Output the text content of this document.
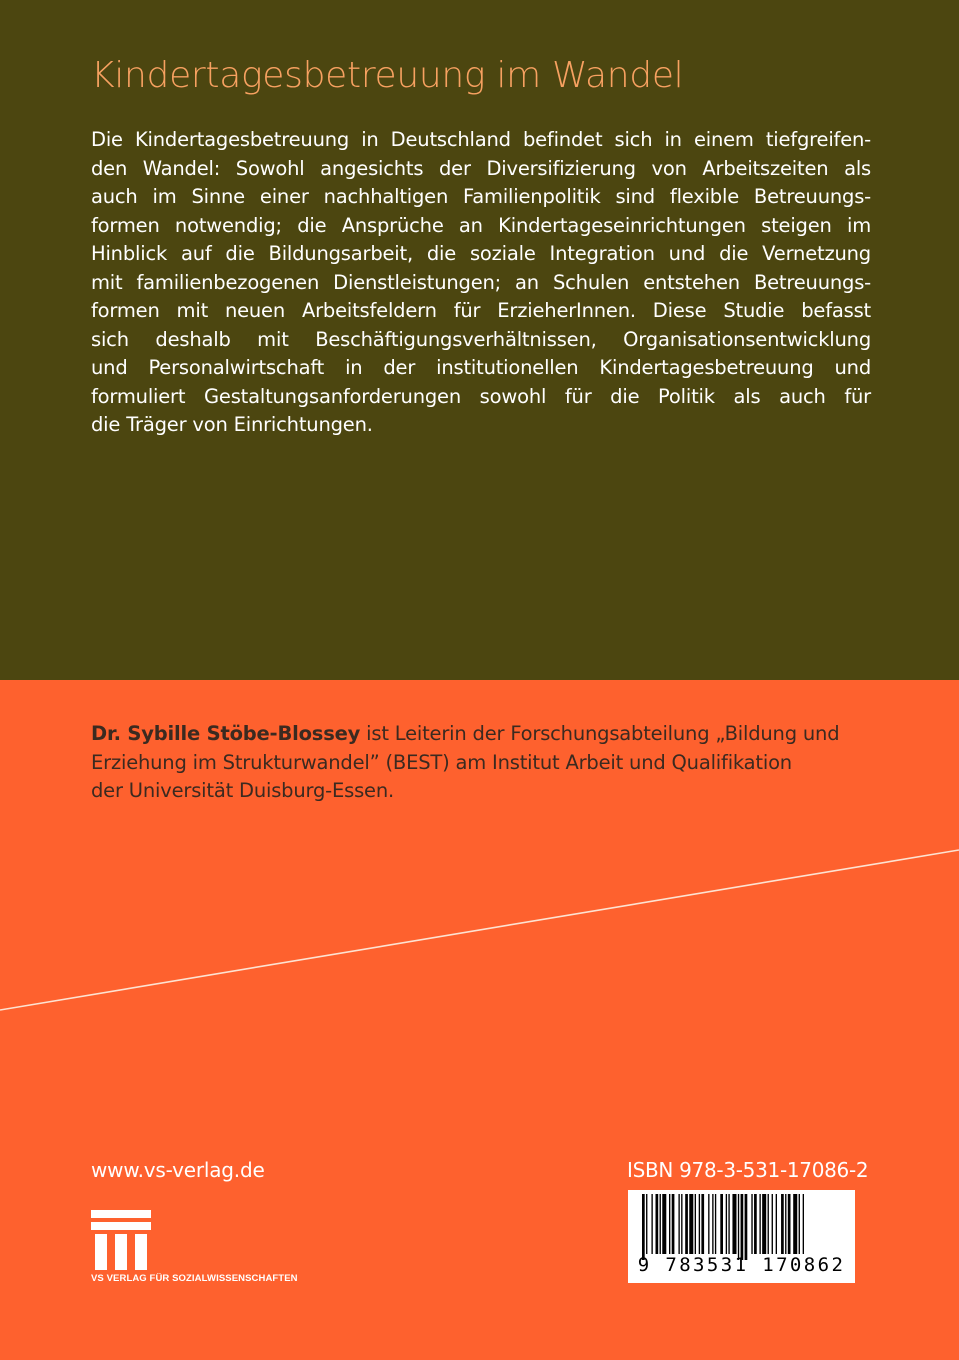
Kindertagesbetreuung im Wandel

Die Kindertagesbetreuung in Deutschland befindet sich in einem tiefgreifen-
den Wandel: Sowohl angesichts der Diversifizierung von Arbeitszeiten als
auch im Sinne einer nachhaltigen Familienpolitik sind flexible Betreuungs-
formen notwendig; die Ansprüche an Kindertageseinrichtungen steigen im
Hinblick auf die Bildungsarbeit, die soziale Integration und die Vernetzung
mit familienbezogenen Dienstleistungen; an Schulen entstehen Betreuungs-
formen mit neuen Arbeitsfeldern für ErzieherInnen. Diese Studie befasst
sich deshalb mit Beschäftigungsverhältnissen, Organisationsentwicklung
und Personalwirtschaft in der institutionellen Kindertagesbetreuung und
formuliert Gestaltungsanforderungen sowohl für die Politik als auch für
die Träger von Einrichtungen.

Dr. Sybille Stöbe-Blossey ist Leiterin der Forschungsabteilung „Bildung und
Erziehung im Strukturwandel” (BEST) am Institut Arbeit und Qualifikation
der Universität Duisburg-Essen.

www.vs-verlag.de

VS VERLAG FÜR SOZIALWISSENSCHAFTEN

ISBN 978-3-531-17086-2

9 783531 170862
